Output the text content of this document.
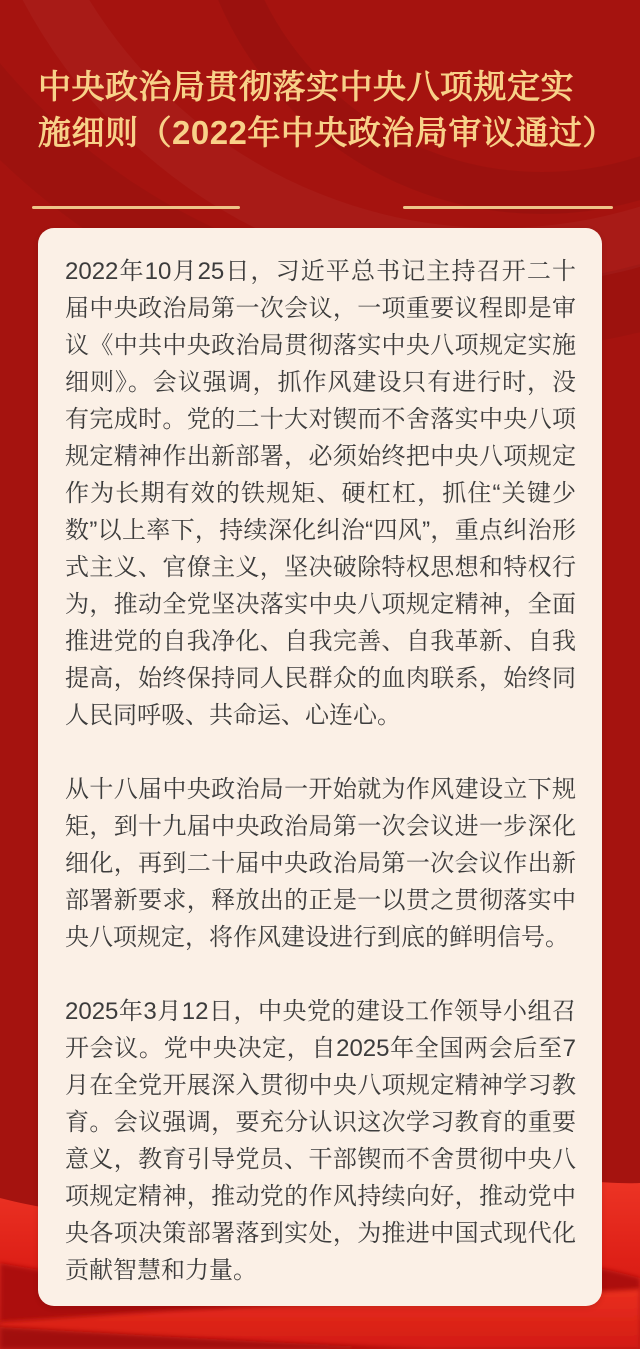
中央政治局贯彻落实中央八项规定实施细则（2022年中央政治局审议通过）

2022年10月25日，习近平总书记主持召开二十届中央政治局第一次会议，一项重要议程即是审议《中共中央政治局贯彻落实中央八项规定实施细则》。会议强调，抓作风建设只有进行时，没有完成时。党的二十大对锲而不舍落实中央八项规定精神作出新部署，必须始终把中央八项规定作为长期有效的铁规矩、硬杠杠，抓住“关键少数”以上率下，持续深化纠治“四风”，重点纠治形式主义、官僚主义，坚决破除特权思想和特权行为，推动全党坚决落实中央八项规定精神，全面推进党的自我净化、自我完善、自我革新、自我提高，始终保持同人民群众的血肉联系，始终同人民同呼吸、共命运、心连心。

从十八届中央政治局一开始就为作风建设立下规矩，到十九届中央政治局第一次会议进一步深化细化，再到二十届中央政治局第一次会议作出新部署新要求，释放出的正是一以贯之贯彻落实中央八项规定，将作风建设进行到底的鲜明信号。

2025年3月12日，中央党的建设工作领导小组召开会议。党中央决定，自2025年全国两会后至7月在全党开展深入贯彻中央八项规定精神学习教育。会议强调，要充分认识这次学习教育的重要意义，教育引导党员、干部锲而不舍贯彻中央八项规定精神，推动党的作风持续向好，推动党中央各项决策部署落到实处，为推进中国式现代化贡献智慧和力量。
